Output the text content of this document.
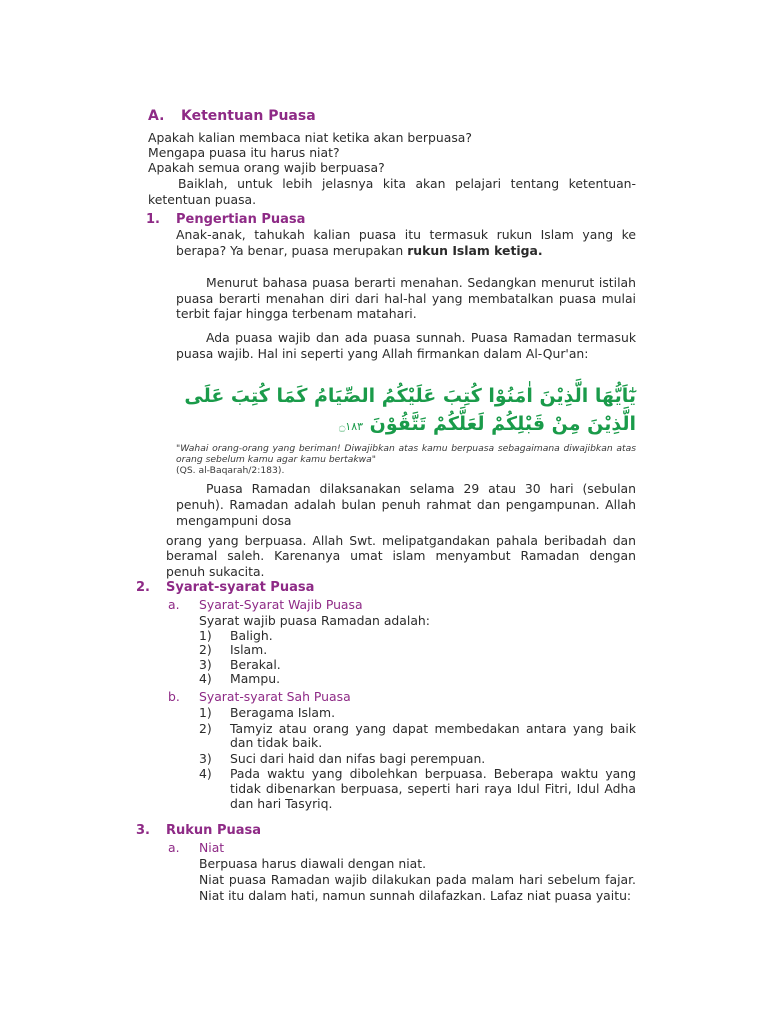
A. Ketentuan Puasa

Apakah kalian membaca niat ketika akan berpuasa?

Mengapa puasa itu harus niat?

Apakah semua orang wajib berpuasa?

Baiklah, untuk lebih jelasnya kita akan pelajari tentang ketentuan-ketentuan puasa.

1. Pengertian Puasa

Anak-anak, tahukah kalian puasa itu termasuk rukun Islam yang ke berapa? Ya benar, puasa merupakan rukun Islam ketiga.

Menurut bahasa puasa berarti menahan. Sedangkan menurut istilah puasa berarti menahan diri dari hal-hal yang membatalkan puasa mulai terbit fajar hingga terbenam matahari.

Ada puasa wajib dan ada puasa sunnah. Puasa Ramadan termasuk puasa wajib. Hal ini seperti yang Allah firmankan dalam Al-Qur'an:

يٰٓاَيُّهَا الَّذِيْنَ اٰمَنُوْا كُتِبَ عَلَيْكُمُ الصِّيَامُ كَمَا كُتِبَ عَلَى

الَّذِيْنَ مِنْ قَبْلِكُمْ لَعَلَّكُمْ تَتَّقُوْنَ ۝١٨٣

"Wahai orang-orang yang beriman! Diwajibkan atas kamu berpuasa sebagaimana diwajibkan atas orang sebelum kamu agar kamu bertakwa"

(QS. al-Baqarah/2:183).

Puasa Ramadan dilaksanakan selama 29 atau 30 hari (sebulan penuh). Ramadan adalah bulan penuh rahmat dan pengampunan. Allah mengampuni dosa

orang yang berpuasa. Allah Swt. melipatgandakan pahala beribadah dan beramal saleh. Karenanya umat islam menyambut Ramadan dengan penuh sukacita.

2. Syarat-syarat Puasa

a. Syarat-Syarat Wajib Puasa

Syarat wajib puasa Ramadan adalah:

1) Baligh.
2) Islam.
3) Berakal.
4) Mampu.

b. Syarat-syarat Sah Puasa

1) Beragama Islam.
2) Tamyiz atau orang yang dapat membedakan antara yang baik dan tidak baik.
3) Suci dari haid dan nifas bagi perempuan.
4) Pada waktu yang dibolehkan berpuasa. Beberapa waktu yang tidak dibenarkan berpuasa, seperti hari raya Idul Fitri, Idul Adha dan hari Tasyriq.
3. Rukun Puasa

a. Niat

Berpuasa harus diawali dengan niat.

Niat puasa Ramadan wajib dilakukan pada malam hari sebelum fajar. Niat itu dalam hati, namun sunnah dilafazkan. Lafaz niat puasa yaitu:
